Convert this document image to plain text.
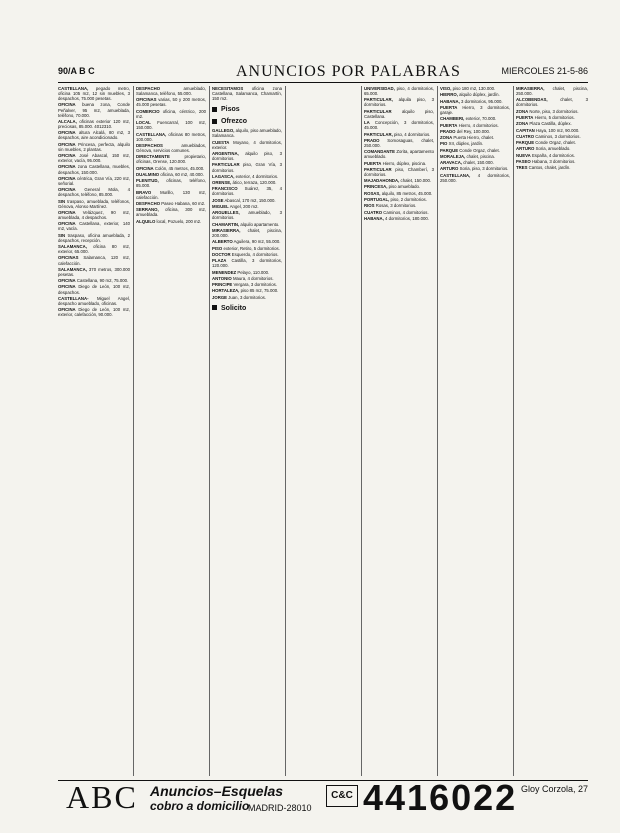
90/A B C	ANUNCIOS POR PALABRAS	MIERCOLES 21-5-86
CASTELLANA, pegado metro, oficina 105 m2, 12 sin muebles, 3 despachos, 75.000 pesetas.
OFICINA buena zona, Conde Peñalver, 95 m2, amueblada, teléfono, 70.000.
ALCALA, oficinas exterior 120 m2, preciosas, 85.000. 4012310.
OFICINA altura Alcalá, 80 m2, 3 despachos, aire acondicionado.
OFICINA Princesa, perfecta, alquilo sin muebles, 2 plantas.
OFICINA José Abascal, 150 m2, exterior, vacía, 95.000.
OFICINA zona Castellana, muebles, despachos, 150.000.
OFICINA céntrica, Gran Vía, 220 m2, señorial.
OFICINA General Mola, 4 despachos, teléfono, 85.000.
SIN traspaso, amueblada, teléfonos, Génova, Alonso Martínez.
OFICINA Velázquez, 90 m2, amueblada, 4 despachos.
OFICINA Castellana, exterior, 140 m2, vacía.
SIN traspaso, oficina amueblada, 2 despachos, recepción.
SALAMANCA, oficina 80 m2, exterior, 65.000.
OFICINAS Salamanca, 120 m2, calefacción.
SALAMANCA, 370 metros, 300.000 pesetas.
OFICINA Castellana, 90 m2, 75.000.
OFICINA Diego de León, 100 m2, despachos.
CASTELLANA- Miguel Angel, despacho amueblado, oficinas.
OFICINA Diego de León, 100 m2, exterior, calefacción, 90.000.
DESPACHO	amueblado, Salamanca, teléfono, 55.000.
OFICINAS varias, 50 y 200 metros, 45.000 pesetas.
COMERCIO oficina, céntrico, 200 m2.
LOCAL Fuencarral, 100 m2, 150.000.
CASTELLANA, oficinas 80 metros, 100.000.
DESPACHOS	amueblados, Génova, servicios comunes.
DIRECTAMENTE	propietario, oficinas, Orense, 120.000.
OFICINA Colón, 45 metros, 45.000.
DUALMINO oficina, 60 m2, 40.000.
PLENITUD, oficinas, teléfono, 85.000.
BRAVO Murillo, 130 m2, calefacción.
DESPACHO Paseo Habana, 60 m2.
SERRANO, oficina, 300 m2, amueblada.
ALQUILO local, Pozuelo, 200 m2.
NECESITAMOS oficina zona Castellana, Salamanca, Chamartín, 150 m2.
Pisos
Ofrezco
GALLEGO, alquilo, piso amueblado, Salamanca.
CUESTA Moyano, 4 dormitorios, exterior.
ARGENTINA, alquilo piso, 3 dormitorios.
PARTICULAR piso, Gran Vía, 3 dormitorios.
LAGASCA, exterior, 4 dormitorios.
ORENSE, ático, terraza, 120.000.
FRANCISCO Suárez, 35, 4 dormitorios.
JOSE Abascal, 170 m2, 150.000.
MIGUEL Angel, 200 m2.
ARGUELLES, amueblado, 3 dormitorios.
CHAMARTIN, alquilo apartamento.
MIRASIERRA, chalet, piscina, 200.000.
ALBERTO Aguilera, 90 m2, 55.000.
PISO exterior, Retiro, 5 dormitorios.
DOCTOR Esquerdo, 4 dormitorios.
PLAZA Castilla, 3 dormitorios, 120.000.
MENENDEZ Pelayo, 110.000.
ANTONIO Maura, 4 dormitorios.
PRINCIPE Vergara, 3 dormitorios.
HORTALEZA, piso 85 m2, 75.000.
JORGE Juan, 3 dormitorios.
Solicito
UNIVERSIDAD, piso, 4 dormitorios, 65.000.
PARTICULAR, alquila piso, 3 dormitorios.
PARTICULAR alquilo piso, Castellana.
LA Concepción, 3 dormitorios, 45.000.
PARTICULAR, piso, 4 dormitorios.
PRADO Somosaguas, chalet, 250.000.
COMANDANTE Zorita, apartamento amueblado.
PUERTA Hierro, dúplex, piscina.
PARTICULAR piso, Chamberí, 3 dormitorios.
MAJADAHONDA, chalet, 150.000.
PRINCESA, piso amueblado.
ROSAS, alquilo, 85 metros, 45.000.
PORTUGAL, piso, 2 dormitorios.
RIOS Rosas, 3 dormitorios.
CUATRO Caminos, 4 dormitorios.
HABANA, 4 dormitorios, 180.000.
VISO, piso 180 m2, 130.000.
HIERRO, alquilo dúplex, jardín.
HABANA, 3 dormitorios, 95.000.
PUERTA Hierro, 3 dormitorios, garaje.
CHAMBERI, exterior, 70.000.
PUERTA Hierro, 4 dormitorios.
PRADO del Rey, 100.000.
ZONA Puerta Hierro, chalet.
PIO XII, dúplex, jardín.
PARQUE Conde Orgaz, chalet.
MORALEJA, chalet, piscina.
ARAVACA, chalet, 150.000.
ARTURO Soria, piso, 3 dormitorios.
CASTELLANA, 4 dormitorios, 250.000.
MIRASIERRA, chalet, piscina, 250.000.
ALCOBENDAS,	chalet, 3 dormitorios.
ZONA Norte, piso, 3 dormitorios.
PUERTA Hierro, 5 dormitorios.
ZONA Plaza Castilla, dúplex.
CAPITAN Haya, 100 m2, 90.000.
CUATRO Caminos, 3 dormitorios.
PARQUE Conde Orgaz, chalet.
ARTURO Soria, amueblado.
NUEVA España, 4 dormitorios.
PASEO Habana, 3 dormitorios.
TRES Cantos, chalet, jardín.
ABC Anuncios–Esquelas
cobro a domicilio
MADRID-28010
C&C 4416022 Gloy Corzola, 27
